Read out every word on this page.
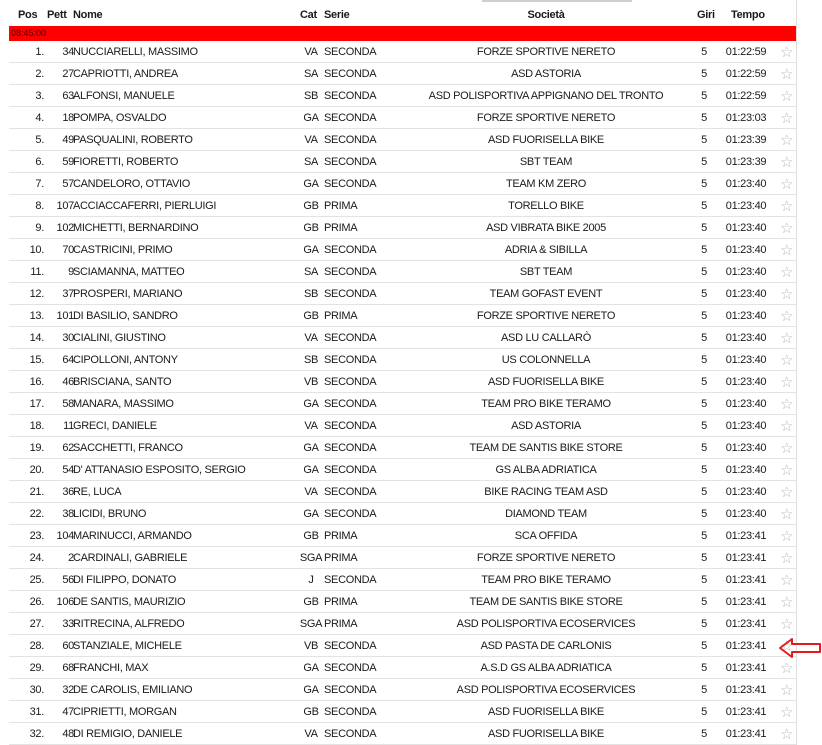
Pos Pett Nome	Cat Serie	Società	Giri Tempo
08:45:00
1. 34 NUCCIARELLI, MASSIMO	VA SECONDA	FORZE SPORTIVE NERETO	5	01:22:59 ☆
2. 27 CAPRIOTTI, ANDREA	SA SECONDA	ASD ASTORIA	5	01:22:59 ☆
3. 63 ALFONSI, MANUELE	SB SECONDA	ASD POLISPORTIVA APPIGNANO DEL TRONTO	5	01:22:59 ☆
4. 18 POMPA, OSVALDO	GA SECONDA	FORZE SPORTIVE NERETO	5	01:23:03 ☆
5. 49 PASQUALINI, ROBERTO	VA SECONDA	ASD FUORISELLA BIKE	5	01:23:39 ☆
6. 59 FIORETTI, ROBERTO	SA SECONDA	SBT TEAM	5	01:23:39 ☆
7. 57 CANDELORO, OTTAVIO	GA SECONDA	TEAM KM ZERO	5	01:23:40 ☆
8. 107 ACCIACCAFERRI, PIERLUIGI	GB PRIMA	TORELLO BIKE	5	01:23:40 ☆
9. 102 MICHETTI, BERNARDINO	GB PRIMA	ASD VIBRATA BIKE 2005	5	01:23:40 ☆
10. 70 CASTRICINI, PRIMO	GA SECONDA	ADRIA & SIBILLA	5	01:23:40 ☆
11. 9 SCIAMANNA, MATTEO	SA SECONDA	SBT TEAM	5	01:23:40 ☆
12. 37 PROSPERI, MARIANO	SB SECONDA	TEAM GOFAST EVENT	5	01:23:40 ☆
13. 101 DI BASILIO, SANDRO	GB PRIMA	FORZE SPORTIVE NERETO	5	01:23:40 ☆
14. 30 CIALINI, GIUSTINO	VA SECONDA	ASD LU CALLARÒ	5	01:23:40 ☆
15. 64 CIPOLLONI, ANTONY	SB SECONDA	US COLONNELLA	5	01:23:40 ☆
16. 46 BRISCIANA, SANTO	VB SECONDA	ASD FUORISELLA BIKE	5	01:23:40 ☆
17. 58 MANARA, MASSIMO	GA SECONDA	TEAM PRO BIKE TERAMO	5	01:23:40 ☆
18. 11 GRECI, DANIELE	VA SECONDA	ASD ASTORIA	5	01:23:40 ☆
19. 62 SACCHETTI, FRANCO	GA SECONDA	TEAM DE SANTIS BIKE STORE	5	01:23:40 ☆
20. 54 D' ATTANASIO ESPOSITO, SERGIO	GA SECONDA	GS ALBA ADRIATICA	5	01:23:40 ☆
21. 36 RE, LUCA	VA SECONDA	BIKE RACING TEAM ASD	5	01:23:40 ☆
22. 38 LICIDI, BRUNO	GA SECONDA	DIAMOND TEAM	5	01:23:40 ☆
23. 104 MARINUCCI, ARMANDO	GB PRIMA	SCA OFFIDA	5	01:23:41 ☆
24. 2 CARDINALI, GABRIELE	SGA PRIMA	FORZE SPORTIVE NERETO	5	01:23:41 ☆
25. 56 DI FILIPPO, DONATO	J SECONDA	TEAM PRO BIKE TERAMO	5	01:23:41 ☆
26. 106 DE SANTIS, MAURIZIO	GB PRIMA	TEAM DE SANTIS BIKE STORE	5	01:23:41 ☆
27. 33 RITRECINA, ALFREDO	SGA PRIMA	ASD POLISPORTIVA ECOSERVICES	5	01:23:41 ☆
28. 60 STANZIALE, MICHELE	VB SECONDA	ASD PASTA DE CARLONIS	5	01:23:41 ☆
29. 68 FRANCHI, MAX	GA SECONDA	A.S.D GS ALBA ADRIATICA	5	01:23:41 ☆
30. 32 DE CAROLIS, EMILIANO	GA SECONDA	ASD POLISPORTIVA ECOSERVICES	5	01:23:41 ☆
31. 47 CIPRIETTI, MORGAN	GB SECONDA	ASD FUORISELLA BIKE	5	01:23:41 ☆
32. 48 DI REMIGIO, DANIELE	VA SECONDA	ASD FUORISELLA BIKE	5	01:23:41 ☆
